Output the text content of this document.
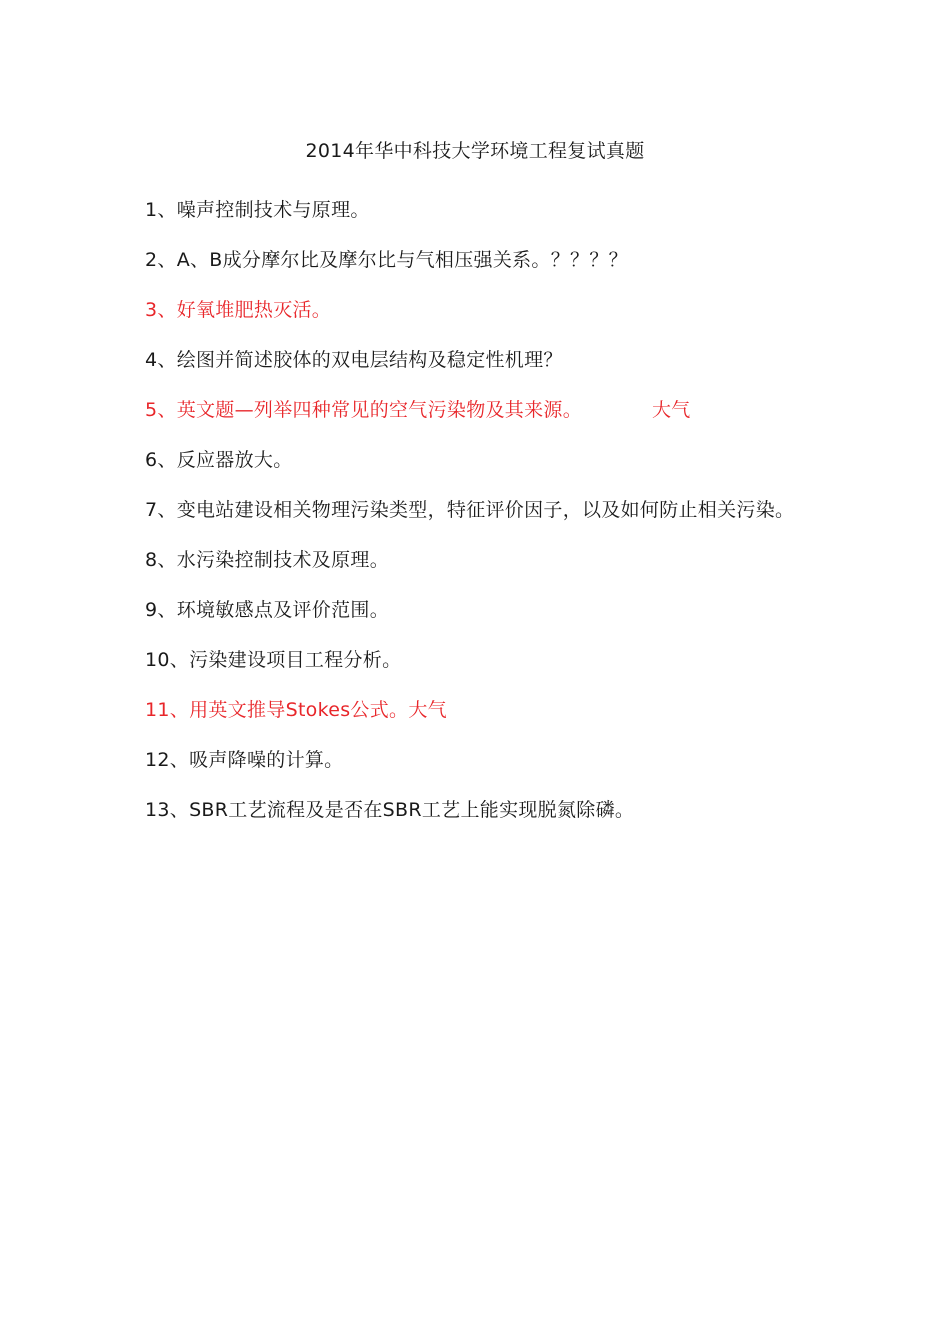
2014年华中科技大学环境工程复试真题
1、噪声控制技术与原理。
2、A、B成分摩尔比及摩尔比与气相压强关系。？？？？
3、好氧堆肥热灭活。
4、绘图并简述胶体的双电层结构及稳定性机理？
5、英文题—列举四种常见的空气污染物及其来源。	大气
6、反应器放大。
7、变电站建设相关物理污染类型，特征评价因子，以及如何防止相关污染。
8、水污染控制技术及原理。
9、环境敏感点及评价范围。
10、污染建设项目工程分析。
11、用英文推导Stokes公式。大气
12、吸声降噪的计算。
13、SBR工艺流程及是否在SBR工艺上能实现脱氮除磷。
